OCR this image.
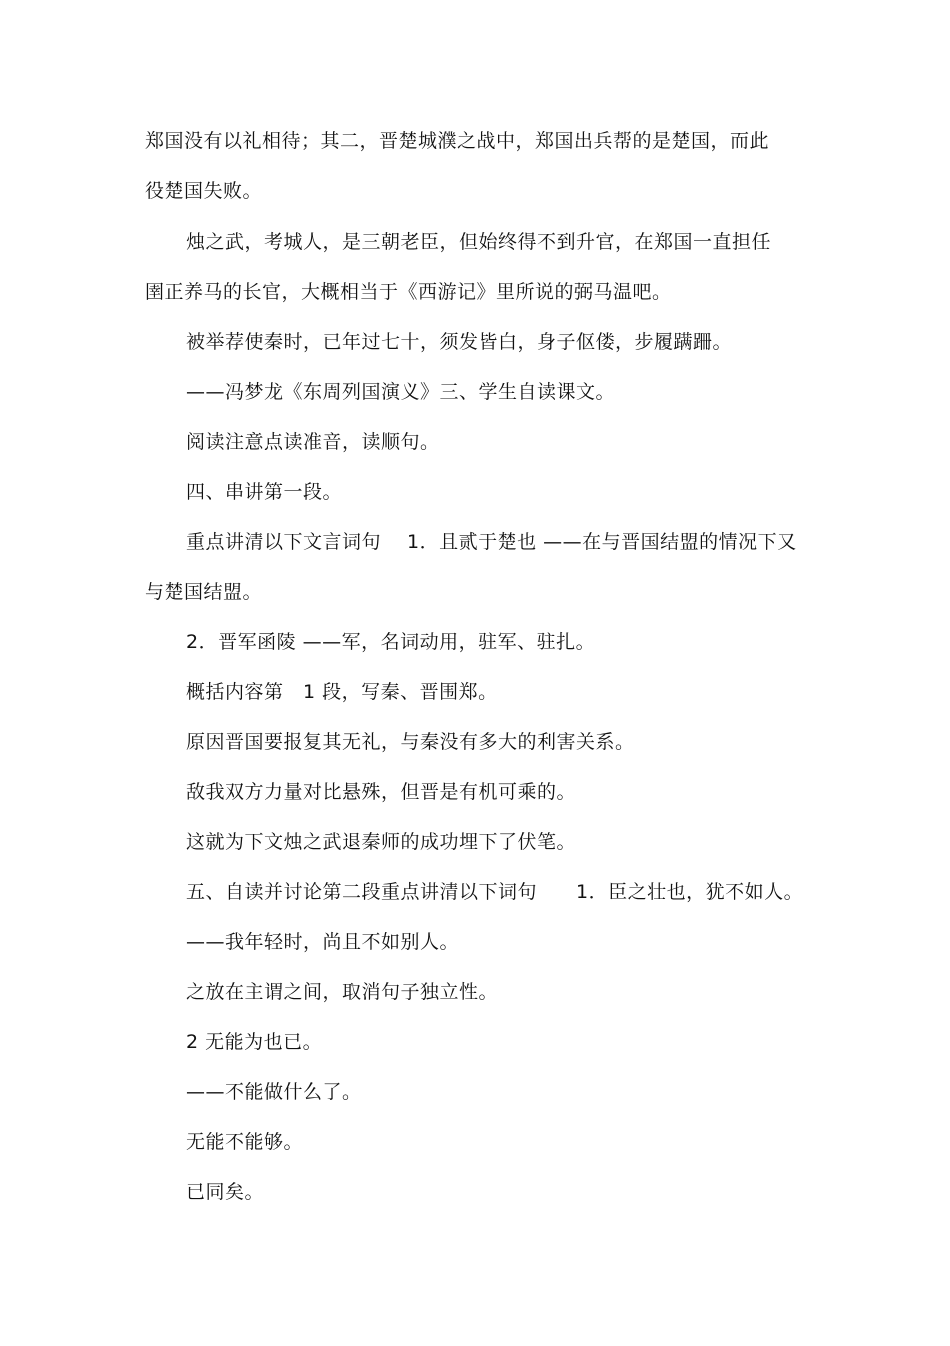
郑国没有以礼相待；其二，晋楚城濮之战中，郑国出兵帮的是楚国，而此
役楚国失败。
烛之武，考城人，是三朝老臣，但始终得不到升官，在郑国一直担任
圉正养马的长官，大概相当于《西游记》里所说的弼马温吧。
被举荐使秦时，已年过七十，须发皆白，身子伛偻，步履蹒跚。
——冯梦龙《东周列国演义》三、学生自读课文。
阅读注意点读准音，读顺句。
四、串讲第一段。
重点讲清以下文言词句　 1．且贰于楚也 ——在与晋国结盟的情况下又
与楚国结盟。
2．晋军函陵 ——军，名词动用，驻军、驻扎。
概括内容第　1 段，写秦、晋围郑。
原因晋国要报复其无礼，与秦没有多大的利害关系。
敌我双方力量对比悬殊，但晋是有机可乘的。
这就为下文烛之武退秦师的成功埋下了伏笔。
五、自读并讨论第二段重点讲清以下词句　　1．臣之壮也，犹不如人。
——我年轻时，尚且不如别人。
之放在主谓之间，取消句子独立性。
2 无能为也已。
——不能做什么了。
无能不能够。
已同矣。
